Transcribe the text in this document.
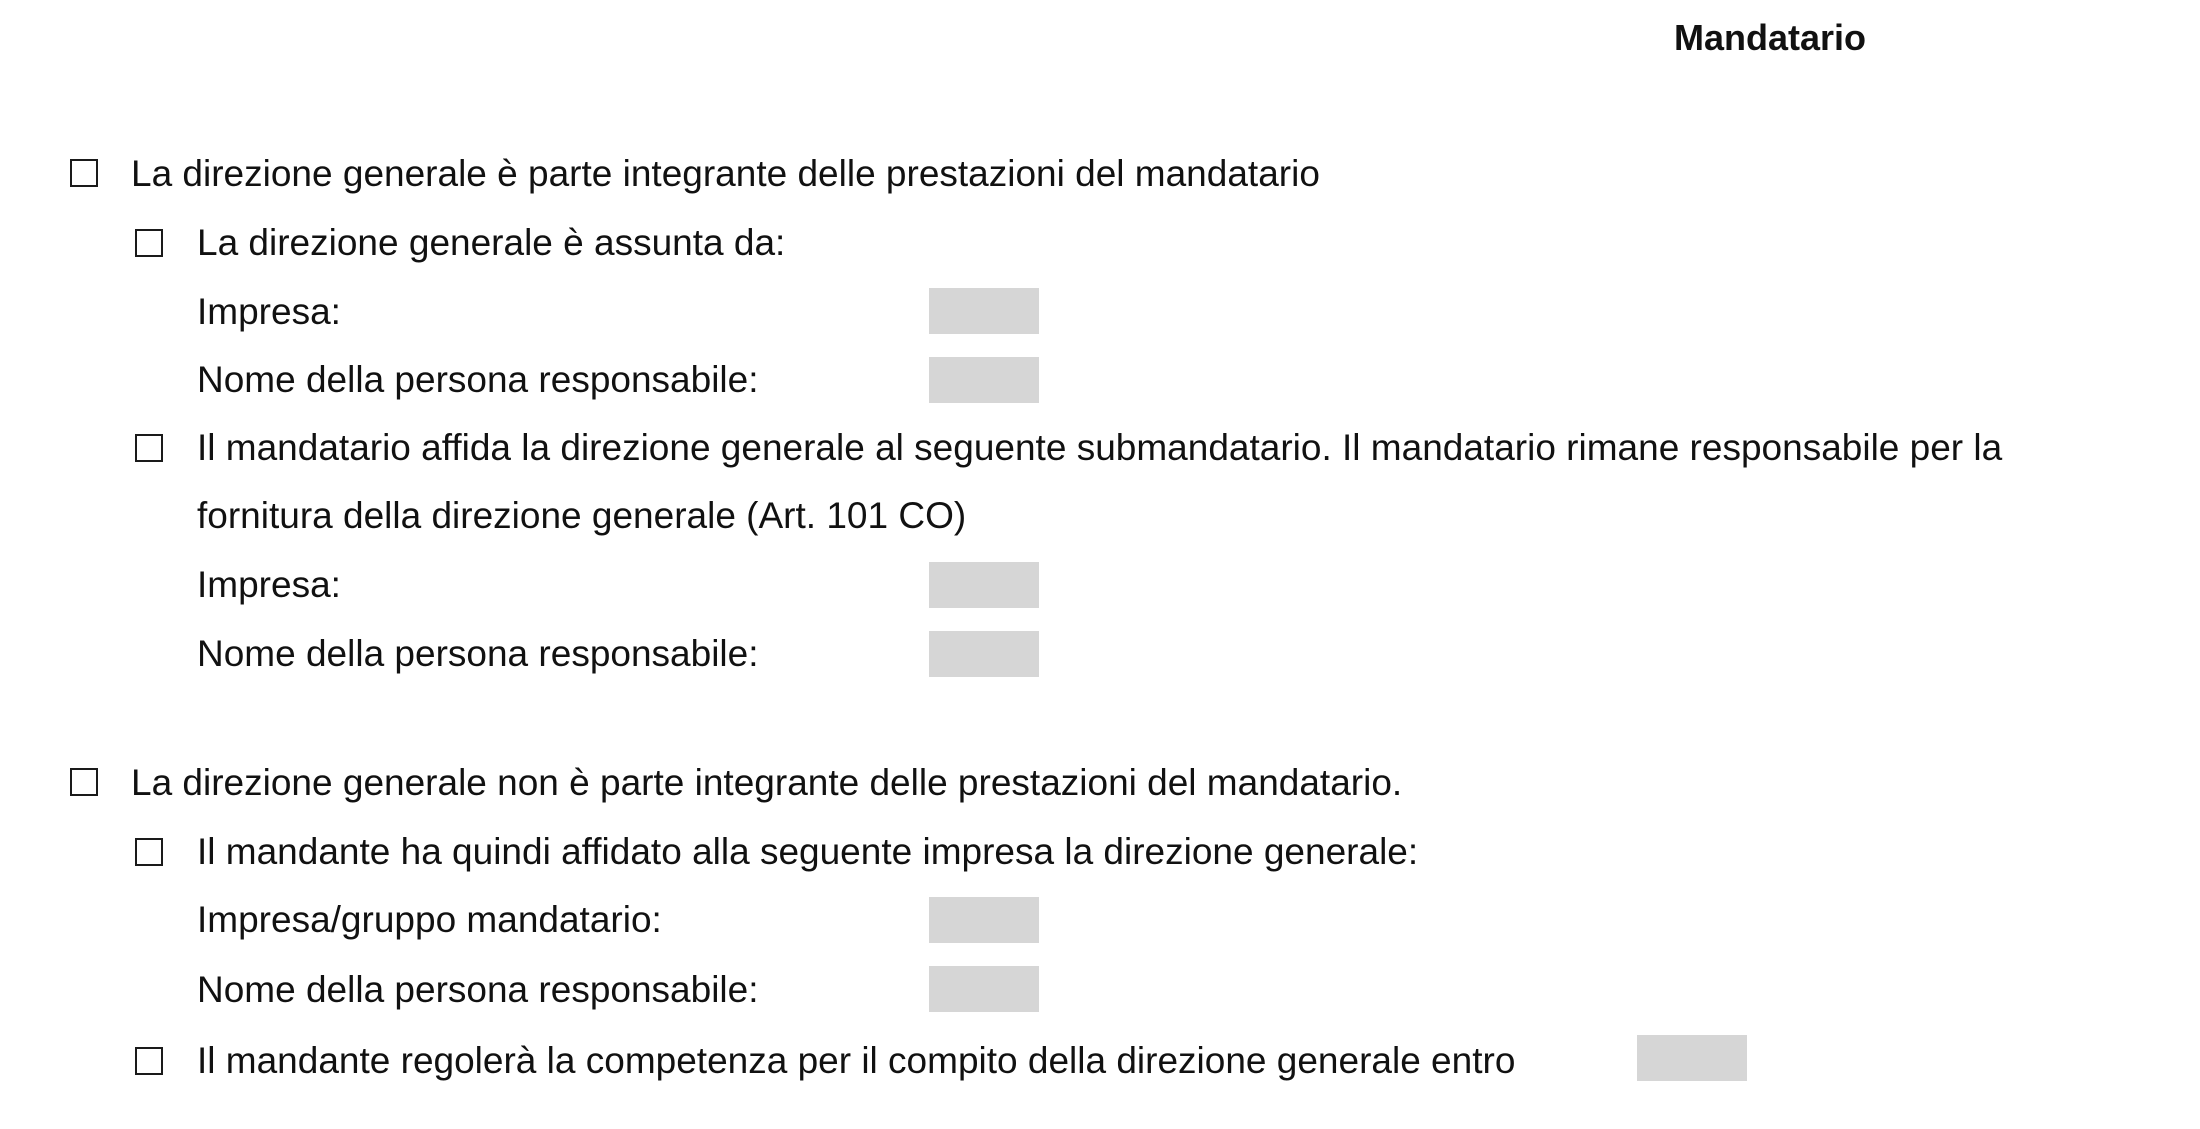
Mandatario
La direzione generale è parte integrante delle prestazioni del mandatario
La direzione generale è assunta da:
Impresa:
Nome della persona responsabile:
Il mandatario affida la direzione generale al seguente submandatario. Il mandatario rimane responsabile per la
fornitura della direzione generale (Art. 101 CO)
Impresa:
Nome della persona responsabile:
La direzione generale non è parte integrante delle prestazioni del mandatario.
Il mandante ha quindi affidato alla seguente impresa la direzione generale:
Impresa/gruppo mandatario:
Nome della persona responsabile:
Il mandante regolerà la competenza per il compito della direzione generale entro
